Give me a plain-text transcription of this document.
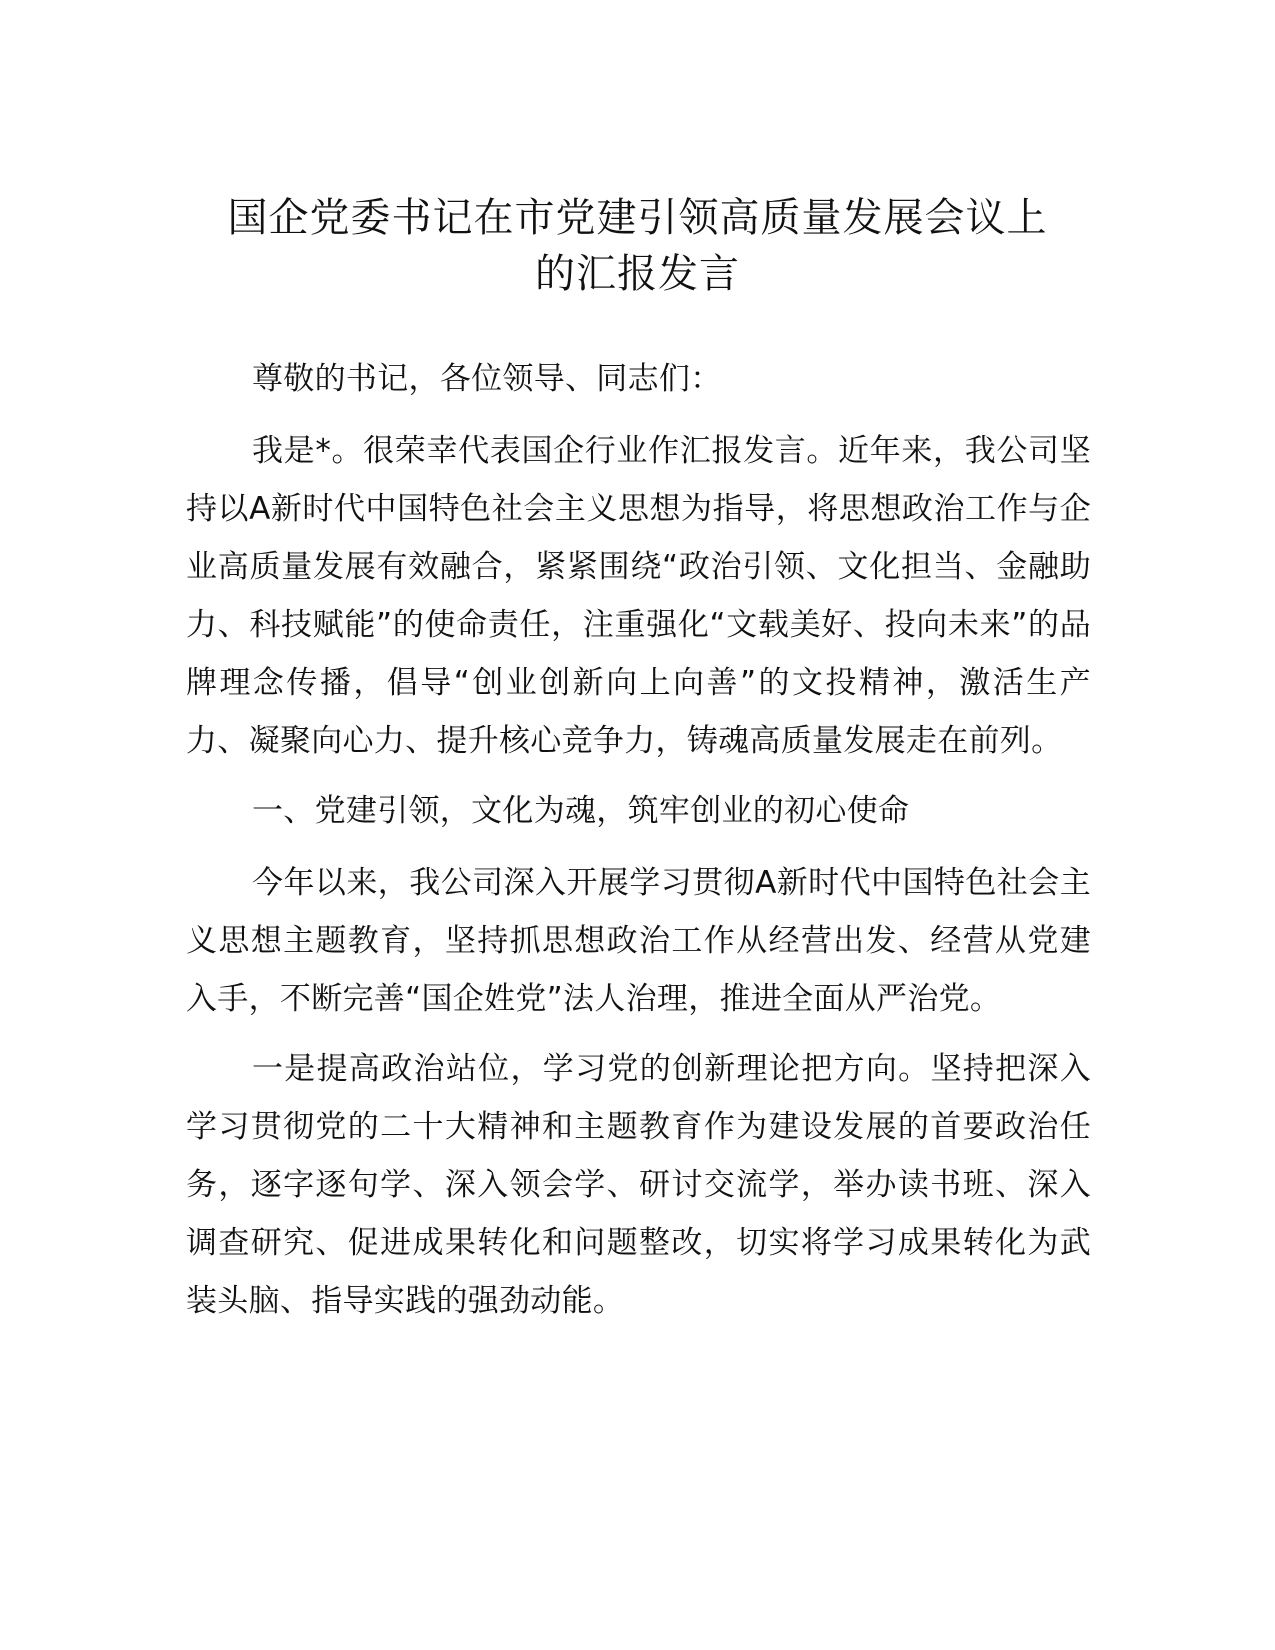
国企党委书记在市党建引领高质量发展会议上
的汇报发言

尊敬的书记，各位领导、同志们：

我是*。很荣幸代表国企行业作汇报发言。近年来，我公司坚持以A新时代中国特色社会主义思想为指导，将思想政治工作与企业高质量发展有效融合，紧紧围绕“政治引领、文化担当、金融助力、科技赋能”的使命责任，注重强化“文载美好、投向未来”的品牌理念传播，倡导“创业创新向上向善”的文投精神，激活生产力、凝聚向心力、提升核心竞争力，铸魂高质量发展走在前列。

一、党建引领，文化为魂，筑牢创业的初心使命

今年以来，我公司深入开展学习贯彻A新时代中国特色社会主义思想主题教育，坚持抓思想政治工作从经营出发、经营从党建入手，不断完善“国企姓党”法人治理，推进全面从严治党。

一是提高政治站位，学习党的创新理论把方向。坚持把深入学习贯彻党的二十大精神和主题教育作为建设发展的首要政治任务，逐字逐句学、深入领会学、研讨交流学，举办读书班、深入调查研究、促进成果转化和问题整改，切实将学习成果转化为武装头脑、指导实践的强劲动能。
